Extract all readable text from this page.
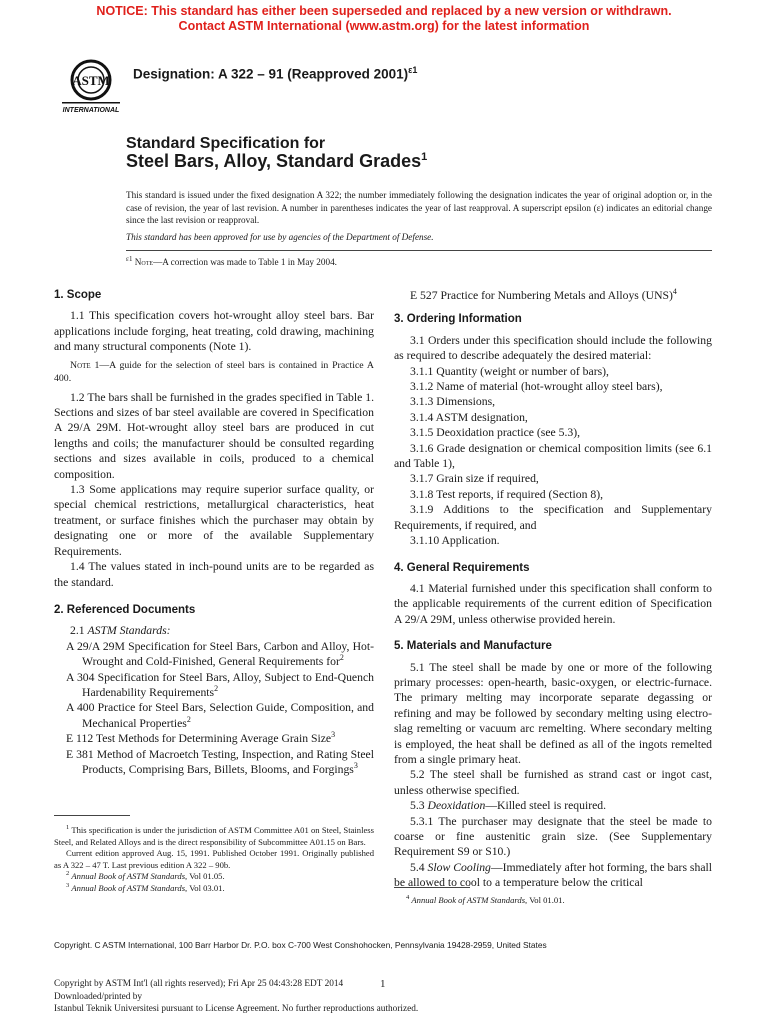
NOTICE: This standard has either been superseded and replaced by a new version or withdrawn.
Contact ASTM International (www.astm.org) for the latest information
ASTM
INTERNATIONAL
Designation: A 322 – 91 (Reapproved 2001)$^{\varepsilon 1}$
Standard Specification for
Steel Bars, Alloy, Standard Grades$^1$
This standard is issued under the fixed designation A 322; the number immediately following the designation indicates the year of original adoption or, in the case of revision, the year of last revision. A number in parentheses indicates the year of last reapproval. A superscript epsilon (ε) indicates an editorial change since the last revision or reapproval.
This standard has been approved for use by agencies of the Department of Defense.
$^{\varepsilon 1}$ Note—A correction was made to Table 1 in May 2004.
1. Scope

1.1 This specification covers hot-wrought alloy steel bars. Bar applications include forging, heat treating, cold drawing, machining and many structural components (Note 1).

Note 1—A guide for the selection of steel bars is contained in Practice A 400.

1.2 The bars shall be furnished in the grades specified in Table 1. Sections and sizes of bar steel available are covered in Specification A 29/A 29M. Hot-wrought alloy steel bars are produced in cut lengths and coils; the manufacturer should be consulted regarding sections and sizes available in coils, produced to a chemical composition.

1.3 Some applications may require superior surface quality, or special chemical restrictions, metallurgical characteristics, heat treatment, or surface finishes which the purchaser may obtain by designating one or more of the available Supplementary Requirements.

1.4 The values stated in inch-pound units are to be regarded as the standard.

2. Referenced Documents

2.1 ASTM Standards:

A 29/A 29M Specification for Steel Bars, Carbon and Alloy, Hot-Wrought and Cold-Finished, General Requirements for$^2$

A 304 Specification for Steel Bars, Alloy, Subject to End-Quench Hardenability Requirements$^2$

A 400 Practice for Steel Bars, Selection Guide, Composition, and Mechanical Properties$^2$

E 112 Test Methods for Determining Average Grain Size$^3$

E 381 Method of Macroetch Testing, Inspection, and Rating Steel Products, Comprising Bars, Billets, Blooms, and Forgings$^3$

$^1$ This specification is under the jurisdiction of ASTM Committee A01 on Steel, Stainless Steel, and Related Alloys and is the direct responsibility of Subcommittee A01.15 on Bars.

Current edition approved Aug. 15, 1991. Published October 1991. Originally published as A 322 – 47 T. Last previous edition A 322 – 90b.

$^2$ Annual Book of ASTM Standards, Vol 01.05.

$^3$ Annual Book of ASTM Standards, Vol 03.01.

E 527 Practice for Numbering Metals and Alloys (UNS)$^4$

3. Ordering Information

3.1 Orders under this specification should include the following as required to describe adequately the desired material:

3.1.1 Quantity (weight or number of bars),

3.1.2 Name of material (hot-wrought alloy steel bars),

3.1.3 Dimensions,

3.1.4 ASTM designation,

3.1.5 Deoxidation practice (see 5.3),

3.1.6 Grade designation or chemical composition limits (see 6.1 and Table 1),

3.1.7 Grain size if required,

3.1.8 Test reports, if required (Section 8),

3.1.9 Additions to the specification and Supplementary Requirements, if required, and

3.1.10 Application.

4. General Requirements

4.1 Material furnished under this specification shall conform to the applicable requirements of the current edition of Specification A 29/A 29M, unless otherwise provided herein.

5. Materials and Manufacture

5.1 The steel shall be made by one or more of the following primary processes: open-hearth, basic-oxygen, or electric-furnace. The primary melting may incorporate separate degassing or refining and may be followed by secondary melting using electro-slag remelting or vacuum arc remelting. Where secondary melting is employed, the heat shall be defined as all of the ingots remelted from a single primary heat.

5.2 The steel shall be furnished as strand cast or ingot cast, unless otherwise specified.

5.3 Deoxidation—Killed steel is required.

5.3.1 The purchaser may designate that the steel be made to coarse or fine austenitic grain size. (See Supplementary Requirement S9 or S10.)

5.4 Slow Cooling—Immediately after hot forming, the bars shall be allowed to cool to a temperature below the critical

$^4$ Annual Book of ASTM Standards, Vol 01.01.

Copyright. C ASTM International, 100 Barr Harbor Dr. P.O. box C-700 West Conshohocken, Pennsylvania 19428-2959, United States
Copyright by ASTM Int'l (all rights reserved); Fri Apr 25 04:43:28 EDT 2014
Downloaded/printed by
Istanbul Teknik Universitesi pursuant to License Agreement. No further reproductions authorized.
1
